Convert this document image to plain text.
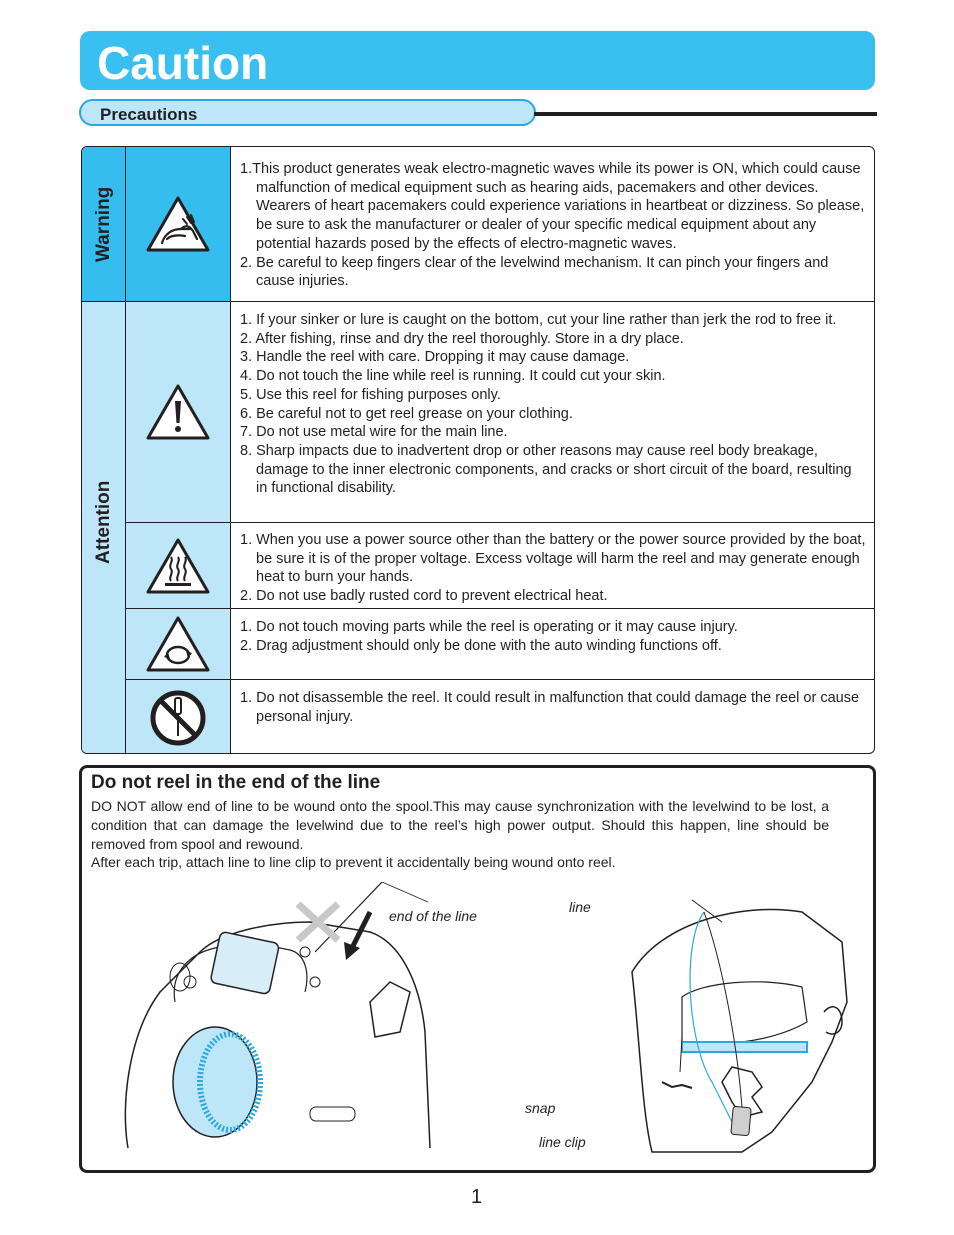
Caution
Precautions
Warning
Attention

1.This product generates weak electro-magnetic waves while its power is ON, which could cause malfunction of medical equipment such as hearing aids, pacemakers and other devices. Wearers of heart pacemakers could experience variations in heartbeat or dizziness. So please, be sure to ask the manufacturer or dealer of your specific medical equipment about any potential hazards posed by the effects of electro-magnetic waves.

2. Be careful to keep fingers clear of the levelwind mechanism. It can pinch your fingers and cause injuries.

1. If your sinker or lure is caught on the bottom, cut your line rather than jerk the rod to free it.

2. After fishing, rinse and dry the reel thoroughly. Store in a dry place.

3. Handle the reel with care. Dropping it may cause damage.

4. Do not touch the line while reel is running. It could cut your skin.

5. Use this reel for fishing purposes only.

6. Be careful not to get reel grease on your clothing.

7. Do not use metal wire for the main line.

8. Sharp impacts due to inadvertent drop or other reasons may cause reel body breakage, damage to the inner electronic components, and cracks or short circuit of the board, resulting in functional disability.

1. When you use a power source other than the battery or the power source provided by the boat, be sure it is of the proper voltage. Excess voltage will harm the reel and may generate enough heat to burn your hands.

2. Do not use badly rusted cord to prevent electrical heat.

1. Do not touch moving parts while the reel is operating or it may cause injury.

2. Drag adjustment should only be done with the auto winding functions off.

1. Do not disassemble the reel. It could result in malfunction that could damage the reel or cause personal injury.

Do not reel in the end of the line

DO NOT allow end of line to be wound onto the spool.This may cause synchronization with the levelwind to be lost, a condition that can damage the levelwind due to the reel’s high power output. Should this happen, line should be removed from spool and rewound.

After each trip, attach line to line clip to prevent it accidentally being wound onto reel.

end of the line
line
snap
line clip
1
